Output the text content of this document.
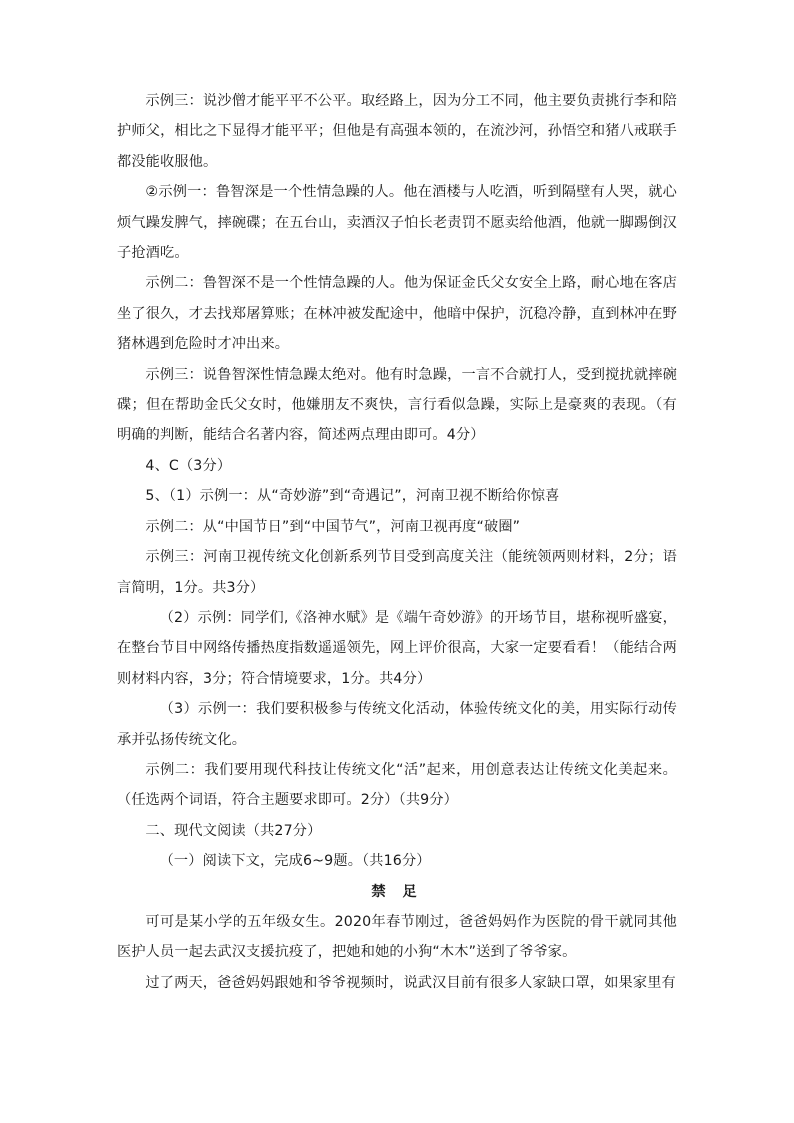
示例三：说沙僧才能平平不公平。取经路上，因为分工不同，他主要负责挑行李和陪护师父，相比之下显得才能平平；但他是有高强本领的，在流沙河，孙悟空和猪八戒联手都没能收服他。

②示例一：鲁智深是一个性情急躁的人。他在酒楼与人吃酒，听到隔壁有人哭，就心烦气躁发脾气，摔碗碟；在五台山，卖酒汉子怕长老责罚不愿卖给他酒，他就一脚踢倒汉子抢酒吃。

示例二：鲁智深不是一个性情急躁的人。他为保证金氏父女安全上路，耐心地在客店坐了很久，才去找郑屠算账；在林冲被发配途中，他暗中保护，沉稳冷静，直到林冲在野猪林遇到危险时才冲出来。

示例三：说鲁智深性情急躁太绝对。他有时急躁，一言不合就打人，受到搅扰就摔碗碟；但在帮助金氏父女时，他嫌朋友不爽快，言行看似急躁，实际上是豪爽的表现。（有明确的判断，能结合名著内容，简述两点理由即可。4分）

4、C（3分）

5、（1）示例一：从“奇妙游”到“奇遇记”，河南卫视不断给你惊喜

示例二：从“中国节日”到“中国节气”，河南卫视再度“破圈”

示例三：河南卫视传统文化创新系列节目受到高度关注（能统领两则材料，2分；语言简明，1分。共3分）

（2）示例：同学们,《洛神水赋》是《端午奇妙游》的开场节目，堪称视听盛宴，在整台节目中网络传播热度指数遥遥领先，网上评价很高，大家一定要看看！（能结合两则材料内容，3分；符合情境要求，1分。共4分）

（3）示例一：我们要积极参与传统文化活动，体验传统文化的美，用实际行动传承并弘扬传统文化。

示例二：我们要用现代科技让传统文化“活”起来，用创意表达让传统文化美起来。（任选两个词语，符合主题要求即可。2分）（共9分）

二、现代文阅读（共27分）

（一）阅读下文，完成6~9题。（共16分）

禁 足

可可是某小学的五年级女生。2020年春节刚过，爸爸妈妈作为医院的骨干就同其他医护人员一起去武汉支援抗疫了，把她和她的小狗“木木”送到了爷爷家。

过了两天，爸爸妈妈跟她和爷爷视频时，说武汉目前有很多人家缺口罩，如果家里有
